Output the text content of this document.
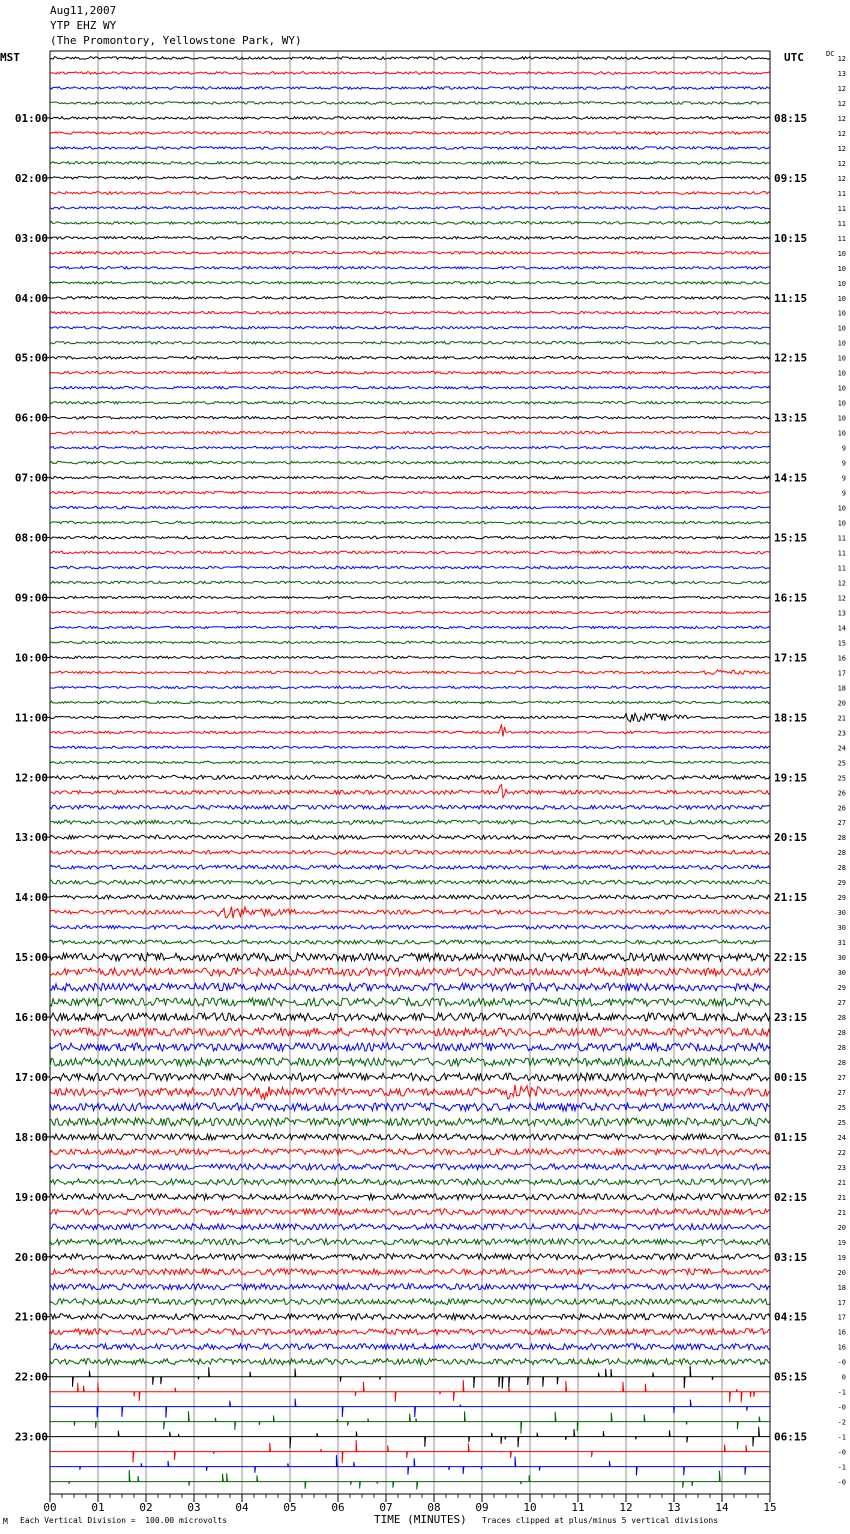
Aug11,2007
YTP EHZ WY
(The Promontory, Yellowstone Park, WY)
MST	UTC	DC
00	01	02	03	04	05	06	07	08	09	10	11	12	13	14	15
12
13
12
12
12
12
12
12
12
11
11
11
11
10
10
10
10
10
10
10
10
10
10
10
10
10
9
9
9
9
10
10
11
11
11
12
12
13
14
15
16
17
18
20
21
23
24
25
25
26
26
27
28
28
28
29
29
30
30
31
30
30
29
27
28
28
28
28
27
27
25
25
24
22
23
21
21
21
20
19
19
20
18
17
17
16
16
-0
0
-1
-0
-2
-1
-0
-1
-0
01:00
02:00
03:00
04:00
05:00
06:00
07:00
08:00
09:00
10:00
11:00
12:00
13:00
14:00
15:00
16:00
17:00
18:00
19:00
20:00
21:00
22:00
23:00
08:15
09:15
10:15
11:15
12:15
13:15
14:15
15:15
16:15
17:15
18:15
19:15
20:15
21:15
22:15
23:15
00:15
01:15
02:15
03:15
04:15
05:15
06:15
TIME (MINUTES)
M Each Vertical Division =  100.00 microvolts	Traces clipped at plus/minus 5 vertical divisions
